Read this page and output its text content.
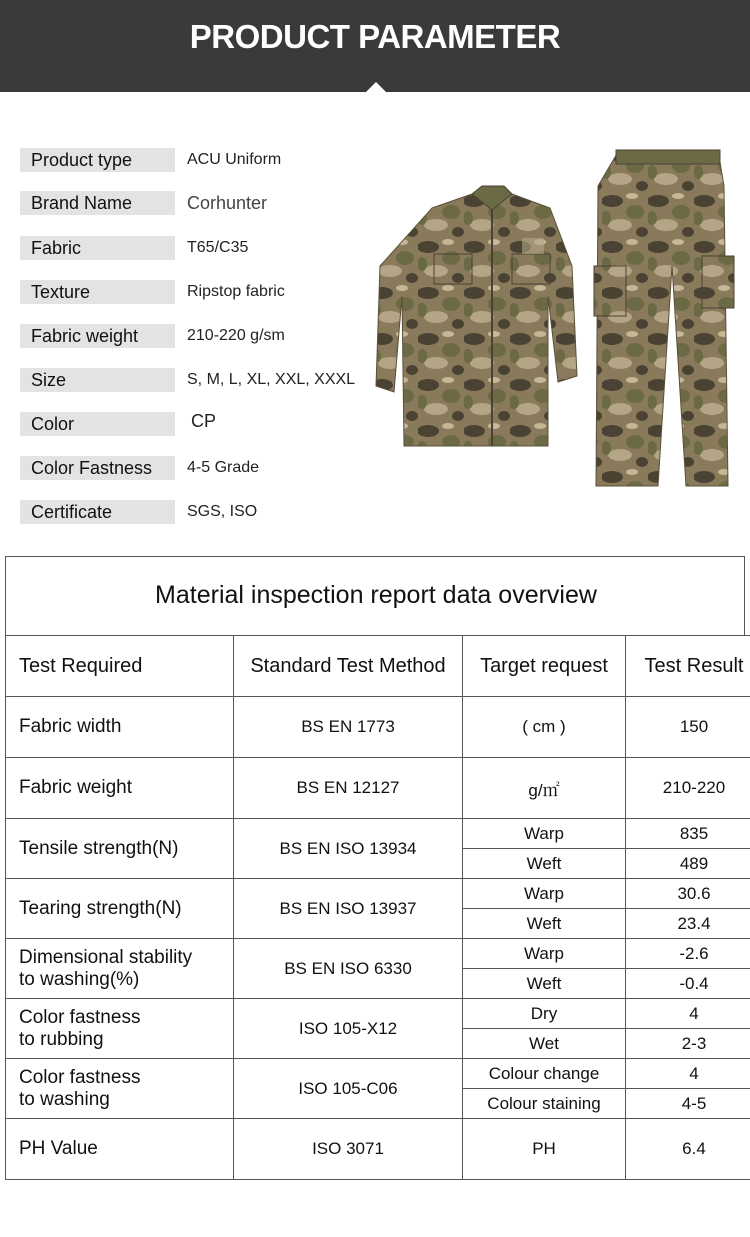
PRODUCT PARAMETER
Product type	ACU Uniform
Brand Name	Corhunter
Fabric	T65/C35
Texture	Ripstop fabric
Fabric weight	210-220 g/sm
Size	S, M, L, XL, XXL, XXXL
Color	CP
Color Fastness	4-5 Grade
Certificate	SGS, ISO
Material inspection report data overview
Test Required	Standard Test Method	Target request	Test Result
Fabric width	BS EN 1773	( cm )	150
Fabric weight	BS EN 12127	g/㎡	210-220
Tensile strength(N)	BS EN ISO 13934	Warp	835
		Weft	489
Tearing strength(N)	BS EN ISO 13937	Warp	30.6
		Weft	23.4
Dimensional stability
to washing(%)	BS EN ISO 6330	Warp	-2.6
		Weft	-0.4
Color fastness
to rubbing	ISO 105-X12	Dry	4
		Wet	2-3
Color fastness
to washing	ISO 105-C06	Colour change	4
		Colour staining	4-5
PH Value	ISO 3071	PH	6.4
